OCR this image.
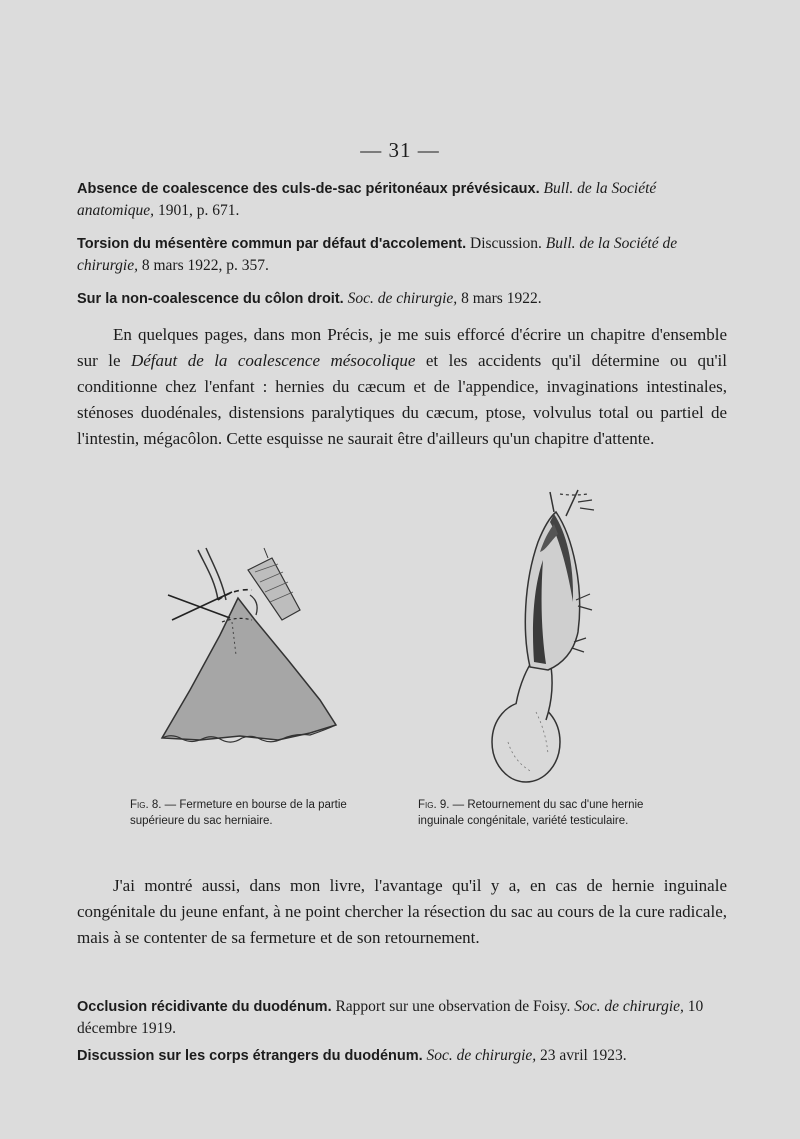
— 31 —
Absence de coalescence des culs-de-sac péritonéaux prévésicaux. Bull. de la Société anatomique, 1901, p. 671.
Torsion du mésentère commun par défaut d'accolement. Discussion. Bull. de la Société de chirurgie, 8 mars 1922, p. 357.
Sur la non-coalescence du côlon droit. Soc. de chirurgie, 8 mars 1922.
En quelques pages, dans mon Précis, je me suis efforcé d'écrire un chapitre d'ensemble sur le Défaut de la coalescence mésocolique et les accidents qu'il détermine ou qu'il conditionne chez l'enfant : hernies du cæcum et de l'appendice, invaginations intestinales, sténoses duodénales, distensions paralytiques du cæcum, ptose, volvulus total ou partiel de l'intestin, mégacôlon. Cette esquisse ne saurait être d'ailleurs qu'un chapitre d'attente.
Fig. 8. — Fermeture en bourse de la partie supérieure du sac herniaire.
Fig. 9. — Retournement du sac d'une hernie inguinale congénitale, variété testiculaire.
J'ai montré aussi, dans mon livre, l'avantage qu'il y a, en cas de hernie inguinale congénitale du jeune enfant, à ne point chercher la résection du sac au cours de la cure radicale, mais à se contenter de sa fermeture et de son retournement.
Occlusion récidivante du duodénum. Rapport sur une observation de Foisy. Soc. de chirurgie, 10 décembre 1919.
Discussion sur les corps étrangers du duodénum. Soc. de chirurgie, 23 avril 1923.
